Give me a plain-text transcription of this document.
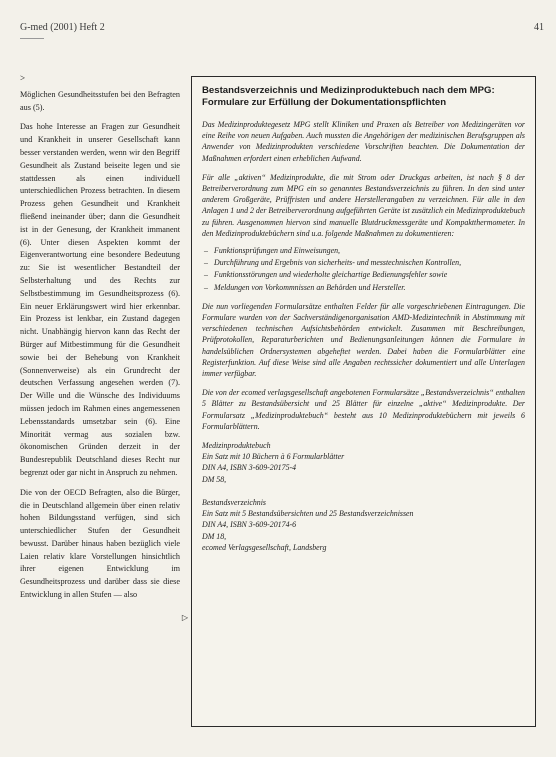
G-med (2001) Heft 2	41
>

Möglichen Gesundheitsstufen bei den Befragten aus (5).

Das hohe Interesse an Fragen zur Gesundheit und Krankheit in unserer Gesellschaft kann besser verstanden werden, wenn wir den Begriff Gesundheit als Zustand beiseite legen und sie stattdessen als einen individuell unterschiedlichen Prozess betrachten. In diesem Prozess gehen Gesundheit und Krankheit fließend ineinander über; dann die Gesundheit ist in der Genesung, der Krankheit immanent (6). Unter diesen Aspekten kommt der Eigenverantwortung eine besondere Bedeutung zu: Sie ist wesentlicher Bestandteil der Selbsterhaltung und des Rechts zur Selbstbestimmung im Gesundheitsprozess (6). Ein neuer Erklärungswert wird hier erkennbar. Ein Prozess ist lenkbar, ein Zustand dagegen nicht. Unabhängig hiervon kann das Recht der Bürger auf Mitbestimmung für die Gesundheit sowie bei der Behebung von Krankheit (Sonnenverweise) als ein Grundrecht der deutschen Verfassung angesehen werden (7). Der Wille und die Wünsche des Individuums müssen jedoch im Rahmen eines angemessenen Lebensstandards umsetzbar sein (6). Eine Minorität vermag aus sozialen bzw. ökonomischen Gründen derzeit in der Bundesrepublik Deutschland dieses Recht nur begrenzt oder gar nicht in Anspruch zu nehmen.

Die von der OECD Befragten, also die Bürger, die in Deutschland allgemein über einen relativ hohen Bildungsstand verfügen, sind sich unterschiedlicher Stufen der Gesundheit bewusst. Darüber hinaus haben bezüglich viele Laien relativ klare Vorstellungen hinsichtlich ihrer eigenen Entwicklung im Gesundheitsprozess und darüber dass sie diese Entwicklung in allen Stufen — also

▷
Bestandsverzeichnis und Medizinproduktebuch nach dem MPG: Formulare zur Erfüllung der Dokumentationspflichten

Das Medizinproduktegesetz MPG stellt Kliniken und Praxen als Betreiber von Medizingeräten vor eine Reihe von neuen Aufgaben. Auch mussten die Angehörigen der medizinischen Berufsgruppen als Anwender von Medizinprodukten verschiedene Vorschriften beachten. Die Dokumentation der Maßnahmen erfordert einen erheblichen Aufwand.

Für alle „aktiven“ Medizinprodukte, die mit Strom oder Druckgas arbeiten, ist nach § 8 der Betreiberverordnung zum MPG ein so genanntes Bestandsverzeichnis zu führen. In den sind unter anderem Großgeräte, Prüffristen und andere Herstellerangaben zu verzeichnen. Für alle in den Anlagen 1 und 2 der Betreiberverordnung aufgeführten Geräte ist zusätzlich ein Medizinproduktebuch zu führen. Ausgenommen hiervon sind manuelle Blutdruckmessgeräte und Kompaktthermometer. In den Medizinproduktebüchern sind u.a. folgende Maßnahmen zu dokumentieren:

– Funktionsprüfungen und Einweisungen,
– Durchführung und Ergebnis von sicherheits- und messtechnischen Kontrollen,
– Funktionsstörungen und wiederholte gleichartige Bedienungsfehler sowie
– Meldungen von Vorkommnissen an Behörden und Hersteller.

Die nun vorliegenden Formularsätze enthalten Felder für alle vorgeschriebenen Eintragungen. Die Formulare wurden von der Sachverständigenorganisation AMD-Medizintechnik in Abstimmung mit verschiedenen technischen Aufsichtsbehörden entwickelt. Zusammen mit Beschreibungen, Prüfprotokollen, Reparaturberichten und Bedienungsanleitungen können die Formulare in handelsüblichen Ordnersystemen abgeheftet werden. Dabei haben die Formularblätter eine Registerfunktion. Auf diese Weise sind alle Angaben rechtssicher dokumentiert und alle Unterlagen immer verfügbar.

Die von der ecomed verlagsgesellschaft angebotenen Formularsätze „Bestandsverzeichnis“ enthalten 5 Blätter zu Bestandsübersicht und 25 Blätter für einzelne „aktive“ Medizinprodukte. Der Formularsatz „Medizinproduktebuch“ besteht aus 10 Medizinproduktebüchern mit jeweils 6 Formularblättern.

Medizinproduktebuch
Ein Satz mit 10 Büchern à 6 Formularblätter
DIN A4, ISBN 3-609-20175-4
DM 58,
Bestandsverzeichnis
Ein Satz mit 5 Bestandsübersichten und 25 Bestandsverzeichnissen
DIN A4, ISBN 3-609-20174-6
DM 18,
ecomed Verlagsgesellschaft, Landsberg
